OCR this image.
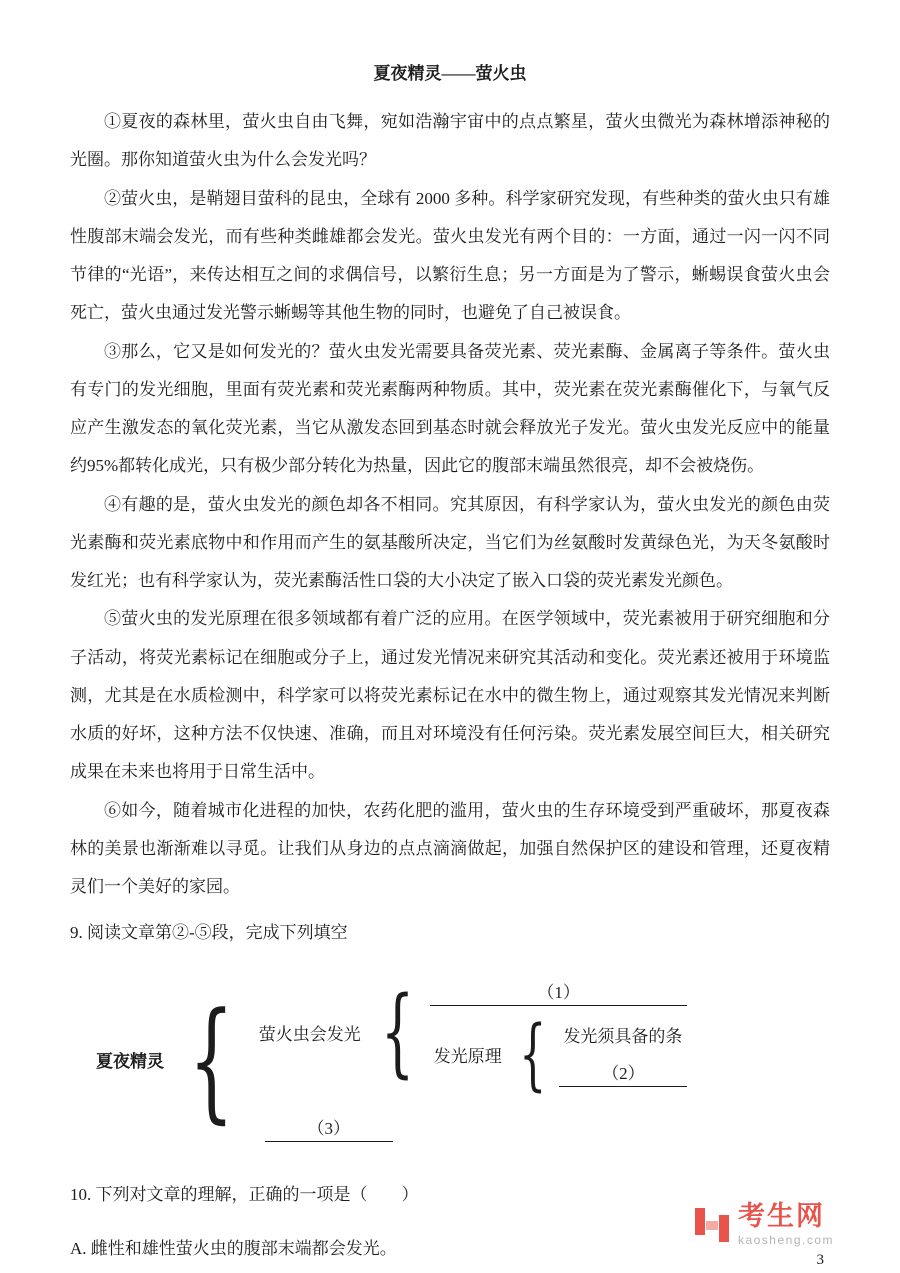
夏夜精灵——萤火虫

①夏夜的森林里，萤火虫自由飞舞，宛如浩瀚宇宙中的点点繁星，萤火虫微光为森林增添神秘的光圈。那你知道萤火虫为什么会发光吗？

②萤火虫，是鞘翅目萤科的昆虫，全球有 2000 多种。科学家研究发现，有些种类的萤火虫只有雄性腹部末端会发光，而有些种类雌雄都会发光。萤火虫发光有两个目的：一方面，通过一闪一闪不同节律的“光语”，来传达相互之间的求偶信号，以繁衍生息；另一方面是为了警示，蜥蜴误食萤火虫会死亡，萤火虫通过发光警示蜥蜴等其他生物的同时，也避免了自己被误食。

③那么，它又是如何发光的？萤火虫发光需要具备荧光素、荧光素酶、金属离子等条件。萤火虫有专门的发光细胞，里面有荧光素和荧光素酶两种物质。其中，荧光素在荧光素酶催化下，与氧气反应产生激发态的氧化荧光素，当它从激发态回到基态时就会释放光子发光。萤火虫发光反应中的能量约95%都转化成光，只有极少部分转化为热量，因此它的腹部末端虽然很亮，却不会被烧伤。

④有趣的是，萤火虫发光的颜色却各不相同。究其原因，有科学家认为，萤火虫发光的颜色由荧光素酶和荧光素底物中和作用而产生的氨基酸所决定，当它们为丝氨酸时发黄绿色光，为天冬氨酸时发红光；也有科学家认为，荧光素酶活性口袋的大小决定了嵌入口袋的荧光素发光颜色。

⑤萤火虫的发光原理在很多领域都有着广泛的应用。在医学领域中，荧光素被用于研究细胞和分子活动，将荧光素标记在细胞或分子上，通过发光情况来研究其活动和变化。荧光素还被用于环境监测，尤其是在水质检测中，科学家可以将荧光素标记在水中的微生物上，通过观察其发光情况来判断水质的好坏，这种方法不仅快速、准确，而且对环境没有任何污染。荧光素发展空间巨大，相关研究成果在未来也将用于日常生活中。

⑥如今，随着城市化进程的加快，农药化肥的滥用，萤火虫的生存环境受到严重破坏，那夏夜森林的美景也渐渐难以寻觅。让我们从身边的点点滴滴做起，加强自然保护区的建设和管理，还夏夜精灵们一个美好的家园。

9. 阅读文章第②-⑤段，完成下列填空

夏夜精灵 { 萤火虫会发光 {	（1）
发光原理 { 发光须具备的条
（2）
（3）

10. 下列对文章的理解，正确的一项是（　　）

A. 雌性和雄性萤火虫的腹部末端都会发光。

考生网
kaosheng.com
3
